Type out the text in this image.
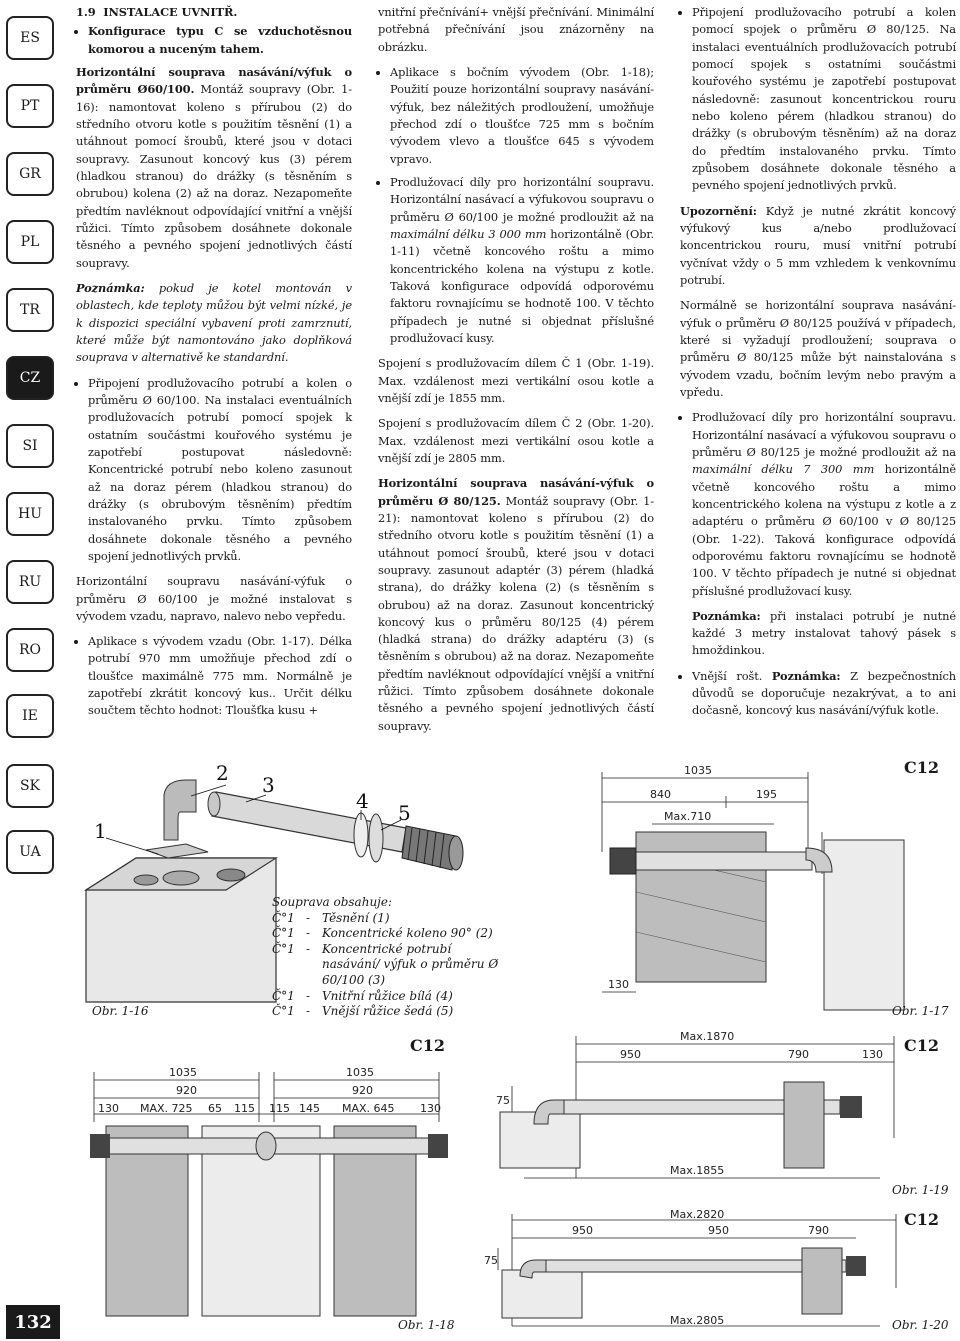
ES
PT
GR
PL
TR
CZ
SI
HU
RU
RO
IE
SK
UA
132

1.9 INSTALACE UVNITŘ.

• Konfigurace typu C se vzduchotěsnou komorou a nuceným tahem.

Horizontální souprava nasávání/výfuk o průměru Ø60/100. Montáž soupravy (Obr. 1-16): namontovat koleno s přírubou (2) do středního otvoru kotle s použitím těsnění (1) a utáhnout pomocí šroubů, které jsou v dotaci soupravy. Zasunout koncový kus (3) pérem (hladkou stranou) do drážky (s těsněním s obrubou) kolena (2) až na doraz. Nezapomeňte předtím navléknout odpovídající vnitřní a vnější růžici. Tímto způsobem dosáhnete dokonale těsného a pevného spojení jednotlivých částí soupravy.

Poznámka: pokud je kotel montován v oblastech, kde teploty můžou být velmi nízké, je k dispozici speciální vybavení proti zamrznutí, které může být namontováno jako doplňková souprava v alternativě ke standardní.

• Připojení prodlužovacího potrubí a kolen o průměru Ø 60/100. Na instalaci eventuálních prodlužovacích potrubí pomocí spojek k ostatním součástmi kouřového systému je zapotřebí postupovat následovně: Koncentrické potrubí nebo koleno zasunout až na doraz pérem (hladkou stranou) do drážky (s obrubovým těsněním) předtím instalovaného prvku. Tímto způsobem dosáhnete dokonale těsného a pevného spojení jednotlivých prvků.

Horizontální soupravu nasávání-výfuk o průměru Ø 60/100 je možné instalovat s vývodem vzadu, napravo, nalevo nebo vepředu.

• Aplikace s vývodem vzadu (Obr. 1-17). Délka potrubí 970 mm umožňuje přechod zdí o tloušťce maximálně 775 mm. Normálně je zapotřebí zkrátit koncový kus.. Určit délku součtem těchto hodnot: Tloušťka kusu +

vnitřní přečnívání+ vnější přečnívání. Minimální potřebná přečnívání jsou znázorněny na obrázku.

• Aplikace s bočním vývodem (Obr. 1-18); Použití pouze horizontální soupravy nasávání-výfuk, bez náležitých prodloužení, umožňuje přechod zdí o tloušťce 725 mm s bočním vývodem vlevo a tloušťce 645 s vývodem vpravo.
• Prodlužovací díly pro horizontální soupravu. Horizontální nasávací a výfukovou soupravu o průměru Ø 60/100 je možné prodloužit až na maximální délku 3 000 mm horizontálně (Obr. 1-11) včetně koncového roštu a mimo koncentrického kolena na výstupu z kotle. Taková konfigurace odpovídá odporovému faktoru rovnajícímu se hodnotě 100. V těchto případech je nutné si objednat příslušné prodlužovací kusy.

Spojení s prodlužovacím dílem Č 1 (Obr. 1-19). Max. vzdálenost mezi vertikální osou kotle a vnější zdí je 1855 mm.

Spojení s prodlužovacím dílem Č 2 (Obr. 1-20). Max. vzdálenost mezi vertikální osou kotle a vnější zdí je 2805 mm.

Horizontální souprava nasávání-výfuk o průměru Ø 80/125. Montáž soupravy (Obr. 1-21): namontovat koleno s přírubou (2) do středního otvoru kotle s použitím těsnění (1) a utáhnout pomocí šroubů, které jsou v dotaci soupravy. zasunout adaptér (3) pérem (hladká strana), do drážky kolena (2) (s těsněním s obrubou) až na doraz. Zasunout koncentrický koncový kus o průměru 80/125 (4) pérem (hladká strana) do drážky adaptéru (3) (s těsněním s obrubou) až na doraz. Nezapomeňte předtím navléknout odpovídající vnější a vnitřní růžici. Tímto způsobem dosáhnete dokonale těsného a pevného spojení jednotlivých částí soupravy.

• Připojení prodlužovacího potrubí a kolen pomocí spojek o průměru Ø 80/125. Na instalaci eventuálních prodlužovacích potrubí pomocí spojek s ostatními součástmi kouřového systému je zapotřebí postupovat následovně: zasunout koncentrickou rouru nebo koleno pérem (hladkou stranou) do drážky (s obrubovým těsněním) až na doraz do předtím instalovaného prvku. Tímto způsobem dosáhnete dokonale těsného a pevného spojení jednotlivých prvků.

Upozornění: Když je nutné zkrátit koncový výfukový kus a/nebo prodlužovací koncentrickou rouru, musí vnitřní potrubí vyčnívat vždy o 5 mm vzhledem k venkovnímu potrubí.

Normálně se horizontální souprava nasávání-výfuk o průměru Ø 80/125 používá v případech, které si vyžadují prodloužení; souprava o průměru Ø 80/125 může být nainstalována s vývodem vzadu, bočním levým nebo pravým a vpředu.

• Prodlužovací díly pro horizontální soupravu. Horizontální nasávací a výfukovou soupravu o průměru Ø 80/125 je možné prodloužit až na maximální délku 7 300 mm horizontálně včetně koncového roštu a mimo koncentrického kolena na výstupu z kotle a z adaptéru o průměru Ø 60/100 v Ø 80/125 (Obr. 1-22). Taková konfigurace odpovídá odporovému faktoru rovnajícímu se hodnotě 100. V těchto případech je nutné si objednat příslušné prodlužovací kusy.

Poznámka: při instalaci potrubí je nutné každé 3 metry instalovat tahový pásek s hmoždinkou.

• Vnější rošt. Poznámka: Z bezpečnostních důvodů se doporučuje nezakrývat, a to ani dočasně, koncový kus nasávání/výfuk kotle.
1
2 3
4 5
Obr. 1-16
Souprava obsahuje:
Č°1 - Těsnění (1)
Č°1 - Koncentrické koleno 90° (2)
Č°1 - Koncentrické potrubí nasávání/ výfuk o průměru Ø 60/100 (3)
Č°1 - Vnitřní růžice bílá (4)
Č°1 - Vnější růžice šedá (5)
1035
840	195
Max.710
130
C12
Obr. 1-17
1035
920
130 MAX. 725 65 115
1035
920
115 145 MAX. 645 130
C12
Obr. 1-18
Max.1870
950	790	130
75
Max.1855
C12
Obr. 1-19
Max.2820
950	950	790
75
Max.2805
C12
Obr. 1-20
